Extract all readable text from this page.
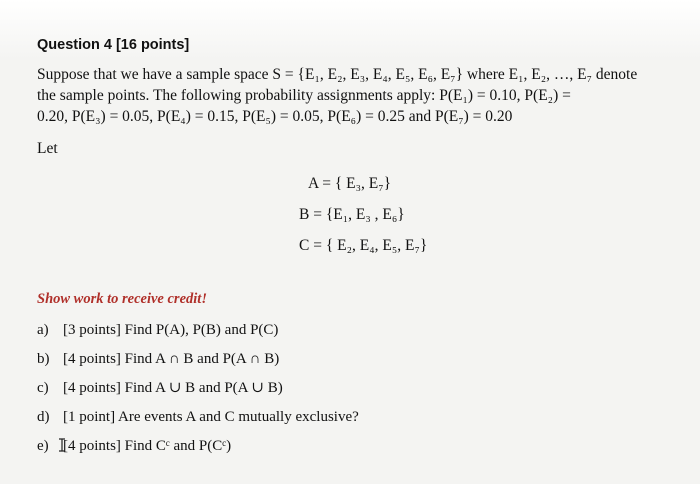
Question 4 [16 points]
Suppose that we have a sample space S = {E₁, E₂, E₃, E₄, E₅, E₆, E₇} where E₁, E₂, …, E₇ denote
the sample points. The following probability assignments apply: P(E₁) = 0.10, P(E₂) =
0.20, P(E₃) = 0.05, P(E₄) = 0.15, P(E₅) = 0.05, P(E₆) = 0.25 and P(E₇) = 0.20
Let
A = { E₃, E₇}
B = {E₁, E₃ , E₆}
C = { E₂, E₄, E₅, E₇}
Show work to receive credit!
a) [3 points] Find P(A), P(B) and P(C)
b) [4 points] Find A ∩ B and P(A ∩ B)
c) [4 points] Find A ∪ B and P(A ∪ B)
d) [1 point] Are events A and C mutually exclusive?
e) [4 points] Find Cᶜ and P(Cᶜ)
